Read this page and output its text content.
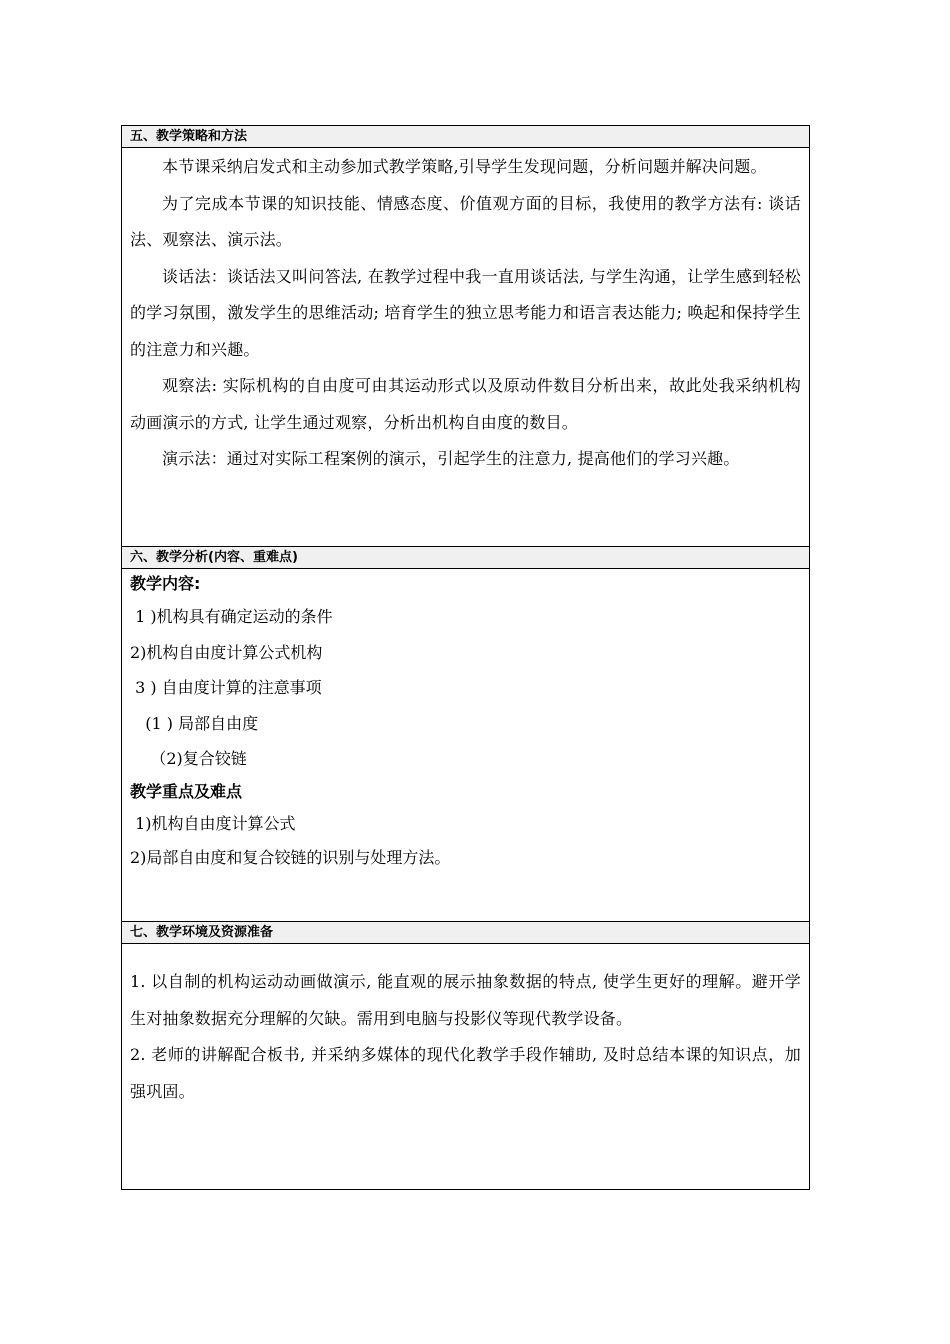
五、教学策略和方法

本节课采纳启发式和主动参加式教学策略,引导学生发现问题，分析问题并解决问题。

为了完成本节课的知识技能、情感态度、价值观方面的目标，我使用的教学方法有: 谈话法、观察法、演示法。

谈话法：谈话法又叫问答法, 在教学过程中我一直用谈话法, 与学生沟通，让学生感到轻松的学习氛围，激发学生的思维活动; 培育学生的独立思考能力和语言表达能力; 唤起和保持学生的注意力和兴趣。

观察法: 实际机构的自由度可由其运动形式以及原动件数目分析出来，故此处我采纳机构动画演示的方式, 让学生通过观察，分析出机构自由度的数目。

演示法：通过对实际工程案例的演示，引起学生的注意力, 提高他们的学习兴趣。

六、教学分析(内容、重难点)

教学内容:

1 )机构具有确定运动的条件

2)机构自由度计算公式机构

3 ) 自由度计算的注意事项

(1 ) 局部自由度

（2)复合铰链

教学重点及难点

1)机构自由度计算公式

2)局部自由度和复合铰链的识别与处理方法。

七、教学环境及资源准备

1. 以自制的机构运动动画做演示, 能直观的展示抽象数据的特点, 使学生更好的理解。避开学生对抽象数据充分理解的欠缺。需用到电脑与投影仪等现代教学设备。

2. 老师的讲解配合板书, 并采纳多媒体的现代化教学手段作辅助, 及时总结本课的知识点，加强巩固。
